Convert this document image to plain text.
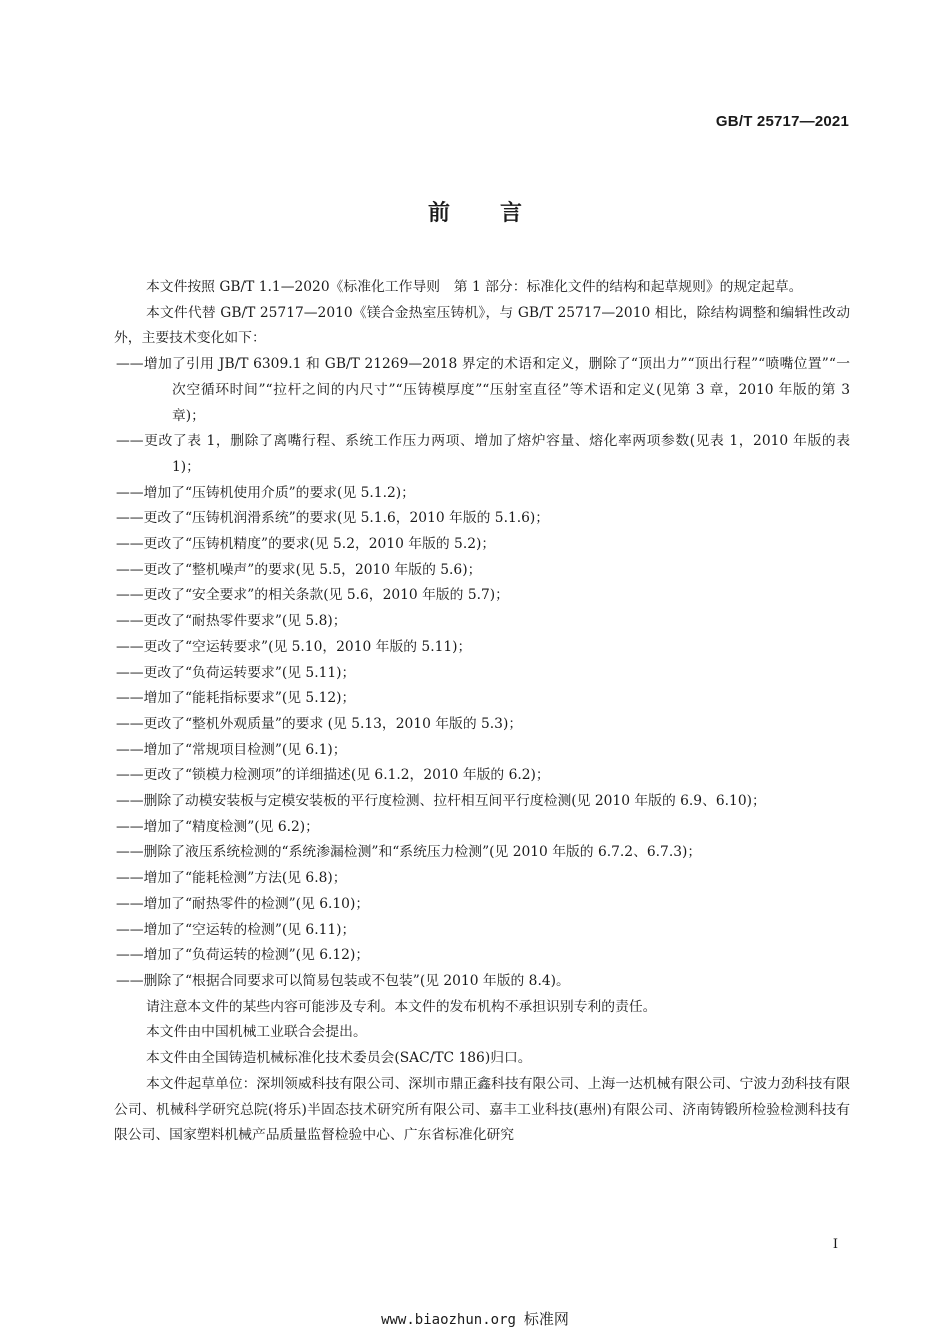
GB/T 25717—2021
前言

本文件按照 GB/T 1.1—2020《标准化工作导则　第 1 部分：标准化文件的结构和起草规则》的规定起草。

本文件代替 GB/T 25717—2010《镁合金热室压铸机》，与 GB/T 25717—2010 相比，除结构调整和编辑性改动外，主要技术变化如下：

——增加了引用 JB/T 6309.1 和 GB/T 21269—2018 界定的术语和定义，删除了“顶出力”“顶出行程”“喷嘴位置”“一次空循环时间”“拉杆之间的内尺寸”“压铸模厚度”“压射室直径”等术语和定义(见第 3 章，2010 年版的第 3 章)；

——更改了表 1，删除了离嘴行程、系统工作压力两项、增加了熔炉容量、熔化率两项参数(见表 1，2010 年版的表 1)；

——增加了“压铸机使用介质”的要求(见 5.1.2)；

——更改了“压铸机润滑系统”的要求(见 5.1.6，2010 年版的 5.1.6)；

——更改了“压铸机精度”的要求(见 5.2，2010 年版的 5.2)；

——更改了“整机噪声”的要求(见 5.5，2010 年版的 5.6)；

——更改了“安全要求”的相关条款(见 5.6，2010 年版的 5.7)；

——更改了“耐热零件要求”(见 5.8)；

——更改了“空运转要求”(见 5.10，2010 年版的 5.11)；

——更改了“负荷运转要求”(见 5.11)；

——增加了“能耗指标要求”(见 5.12)；

——更改了“整机外观质量”的要求 (见 5.13，2010 年版的 5.3)；

——增加了“常规项目检测”(见 6.1)；

——更改了“锁模力检测项”的详细描述(见 6.1.2，2010 年版的 6.2)；

——删除了动模安装板与定模安装板的平行度检测、拉杆相互间平行度检测(见 2010 年版的 6.9、6.10)；

——增加了“精度检测”(见 6.2)；

——删除了液压系统检测的“系统渗漏检测”和“系统压力检测”(见 2010 年版的 6.7.2、6.7.3)；

——增加了“能耗检测”方法(见 6.8)；

——增加了“耐热零件的检测”(见 6.10)；

——增加了“空运转的检测”(见 6.11)；

——增加了“负荷运转的检测”(见 6.12)；

——删除了“根据合同要求可以简易包装或不包装”(见 2010 年版的 8.4)。

请注意本文件的某些内容可能涉及专利。本文件的发布机构不承担识别专利的责任。

本文件由中国机械工业联合会提出。

本文件由全国铸造机械标准化技术委员会(SAC/TC 186)归口。

本文件起草单位：深圳领威科技有限公司、深圳市鼎正鑫科技有限公司、上海一达机械有限公司、宁波力劲科技有限公司、机械科学研究总院(将乐)半固态技术研究所有限公司、嘉丰工业科技(惠州)有限公司、济南铸锻所检验检测科技有限公司、国家塑料机械产品质量监督检验中心、广东省标准化研究

I
www.biaozhun.org 标准网
